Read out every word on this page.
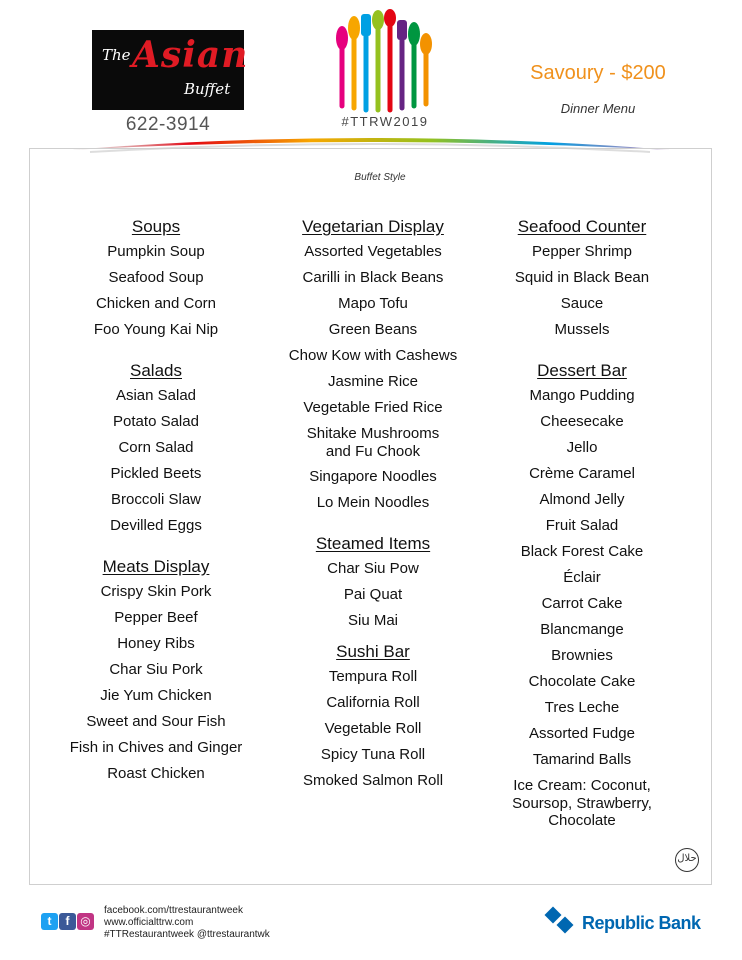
The Asian
Buffet
622-3914	#TTRW2019
Savoury - $200
Dinner Menu
Buffet Style
Soups
Pumpkin Soup
Seafood Soup
Chicken and Corn
Foo Young Kai Nip
Salads
Asian Salad
Potato Salad
Corn Salad
Pickled Beets
Broccoli Slaw
Devilled Eggs
Meats Display
Crispy Skin Pork
Pepper Beef
Honey Ribs
Char Siu Pork
Jie Yum Chicken
Sweet and Sour Fish
Fish in Chives and Ginger
Roast Chicken
Vegetarian Display
Assorted Vegetables
Carilli in Black Beans
Mapo Tofu
Green Beans
Chow Kow with Cashews
Jasmine Rice
Vegetable Fried Rice
Shitake Mushrooms
and Fu Chook
Singapore Noodles
Lo Mein Noodles
Steamed Items
Char Siu Pow
Pai Quat
Siu Mai
Sushi Bar
Tempura Roll
California Roll
Vegetable Roll
Spicy Tuna Roll
Smoked Salmon Roll
Seafood Counter
Pepper Shrimp
Squid in Black Bean
Sauce
Mussels
Dessert Bar
Mango Pudding
Cheesecake
Jello
Crème Caramel
Almond Jelly
Fruit Salad
Black Forest Cake
Éclair
Carrot Cake
Blancmange
Brownies
Chocolate Cake
Tres Leche
Assorted Fudge
Tamarind Balls
Ice Cream: Coconut,
Soursop, Strawberry,
Chocolate
حلال
t f ◎
facebook.com/ttrestaurantweek
www.officialttrw.com
#TTRestaurantweek @ttrestaurantwk
Republic Bank
